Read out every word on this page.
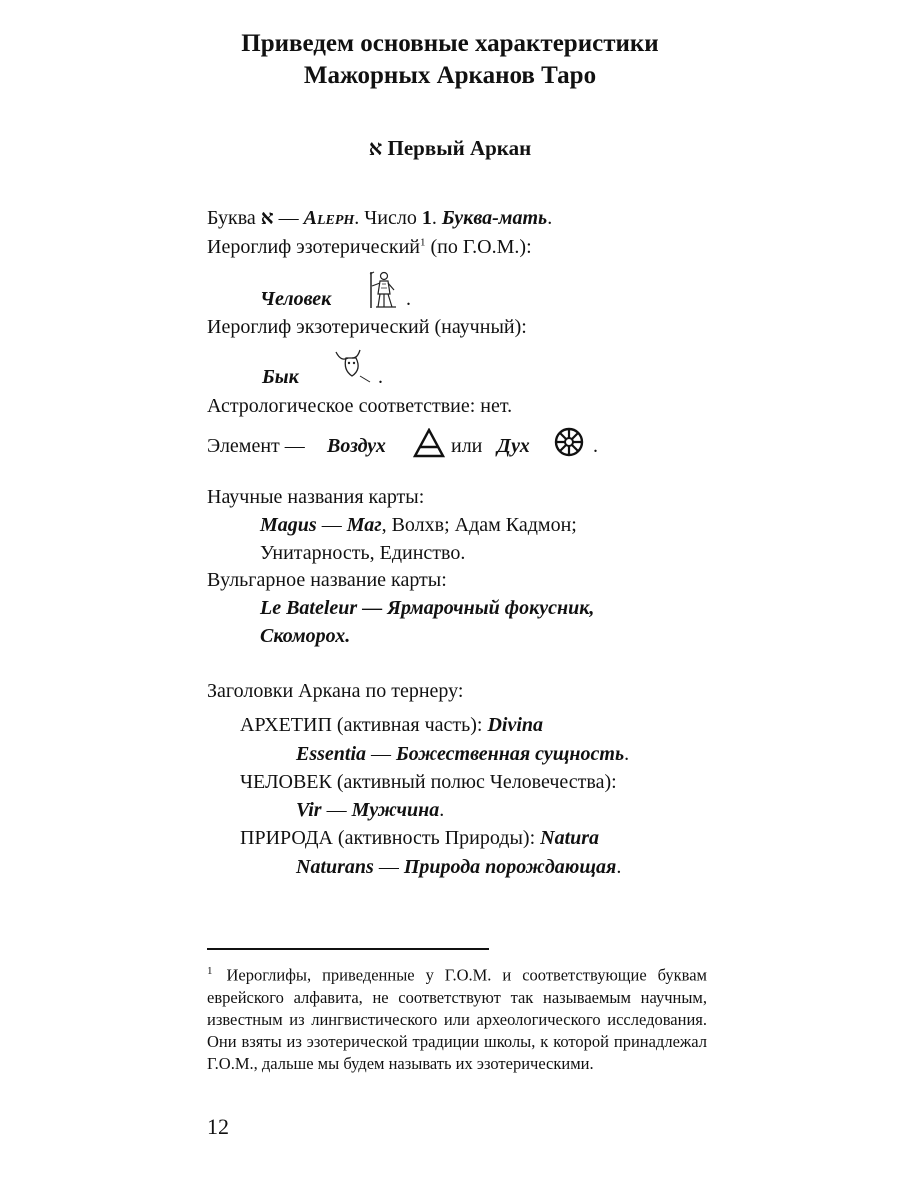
Приведем основные характеристики
Мажорных Арканов Таро
א Первый Аркан
Буква א — Aleph. Число 1. Буква-мать.
Иероглиф эзотерический$^1$ (по Г.О.М.):
Человек	.
Иероглиф экзотерический (научный):
Бык	.
Астрологическое соответствие: нет.
Элемент — Воздух	или Дух	.
Научные названия карты:
Magus — Маг, Волхв; Адам Кадмон;
Унитарность, Единство.
Вульгарное название карты:
Le Bateleur — Ярмарочный фокусник,
Скоморох.
Заголовки Аркана по тернеру:
АРХЕТИП (активная часть): Divina
Essentia — Божественная сущность.
ЧЕЛОВЕК (активный полюс Человечества):
Vir — Мужчина.
ПРИРОДА (активность Природы): Natura
Naturans — Природа порождающая.
$^1$ Иероглифы, приведенные у Г.О.М. и соответствующие буквам еврейского алфавита, не соответствуют так называемым научным, известным из лингвистического или археологического исследования. Они взяты из эзотерической традиции школы, к которой принадлежал Г.О.М., дальше мы будем называть их эзотерическими.
12
